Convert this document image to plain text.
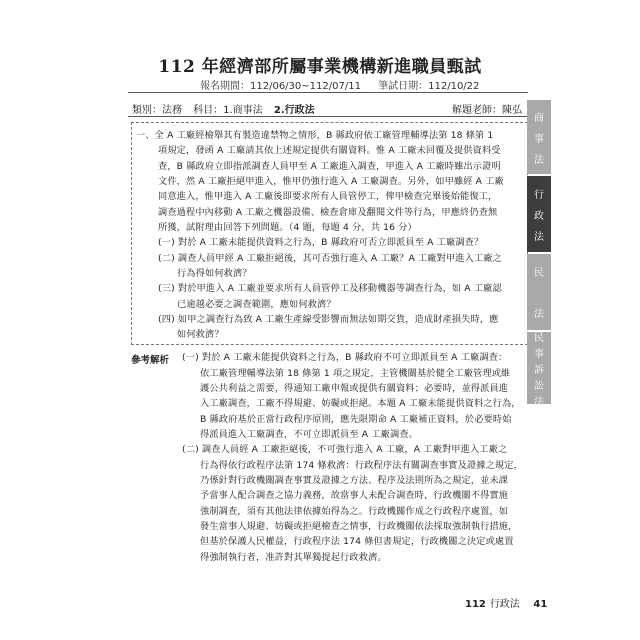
112 年經濟部所屬事業機構新進職員甄試
報名期間：112/06/30~112/07/11 筆試日期：112/10/22
類別：法務 科目：1.商事法 2.行政法	解題老師：陳弘
一、全 A 工廠經檢舉其有製造違禁物之情形，B 縣政府依工廠管理輔導法第 18 條第 1
項規定，發函 A 工廠請其依上述規定提供有關資料。惟 A 工廠未回覆及提供資料受
查，B 縣政府立即指派調查人員甲至 A 工廠進入調查，甲進入 A 工廠時雖出示證明
文件，然 A 工廠拒絕甲進入，惟甲仍強行進入 A 工廠調查。另外，如甲雖經 A 工廠
同意進入，惟甲進入 A 工廠後即要求所有人員管停工，俾甲檢查完畢後始能復工，
調查過程中內移動 A 工廠之機器設備、檢查倉庫及翻閱文件等行為，甲應終仍查無
所獲，試附理由回答下列問題。（4 題，每題 4 分，共 16 分）
(一) 對於 A 工廠未能提供資料之行為，B 縣政府可否立即派員至 A 工廠調查？
(二) 調查人員甲經 A 工廠拒絕後，其可否強行進入 A 工廠？A 工廠對甲進入工廠之
行為得如何救濟？
(三) 對於甲進入 A 工廠並要求所有人員管停工及移動機器等調查行為，如 A 工廠認
已逾越必要之調查範圍，應如何救濟？
(四) 如甲之調查行為致 A 工廠生產線受影響而無法如期交貨，造成財產損失時，應
如何救濟？
參考解析 (一) 對於 A 工廠未能提供資料之行為，B 縣政府不可立即派員至 A 工廠調查：
依工廠管理輔導法第 18 條第 1 項之規定，主管機關基於健全工廠管理或維
護公共利益之需要，得通知工廠申報或提供有關資料；必要時，並得派員進
入工廠調查，工廠不得規避、妨礙或拒絕。本題 A 工廠未能提供資料之行為，
B 縣政府基於正當行政程序原則，應先限期命 A 工廠補正資料，於必要時始
得派員進入工廠調查，不可立即派員至 A 工廠調查。
(二) 調查人員經 A 工廠拒絕後，不可強行進入 A 工廠，A 工廠對甲進入工廠之
行為得依行政程序法第 174 條救濟：行政程序法有關調查事實及證據之規定，
乃係針對行政機關調查事實及證據之方法、程序及法則所為之規定，並未課
予當事人配合調查之協力義務，故當事人未配合調查時，行政機關不得實施
強制調查，須有其他法律依據始得為之。行政機關作成之行政程序處置，如
發生當事人規避、妨礙或拒絕檢查之情事，行政機關依法採取強制執行措施，
但基於保護人民權益，行政程序法 174 條但書規定，行政機關之決定或處置
得強制執行者，准許對其單獨提起行政救濟。
商
事
法
行
政
法
民
法
民
事
訴
訟
法
112 行政法 41
